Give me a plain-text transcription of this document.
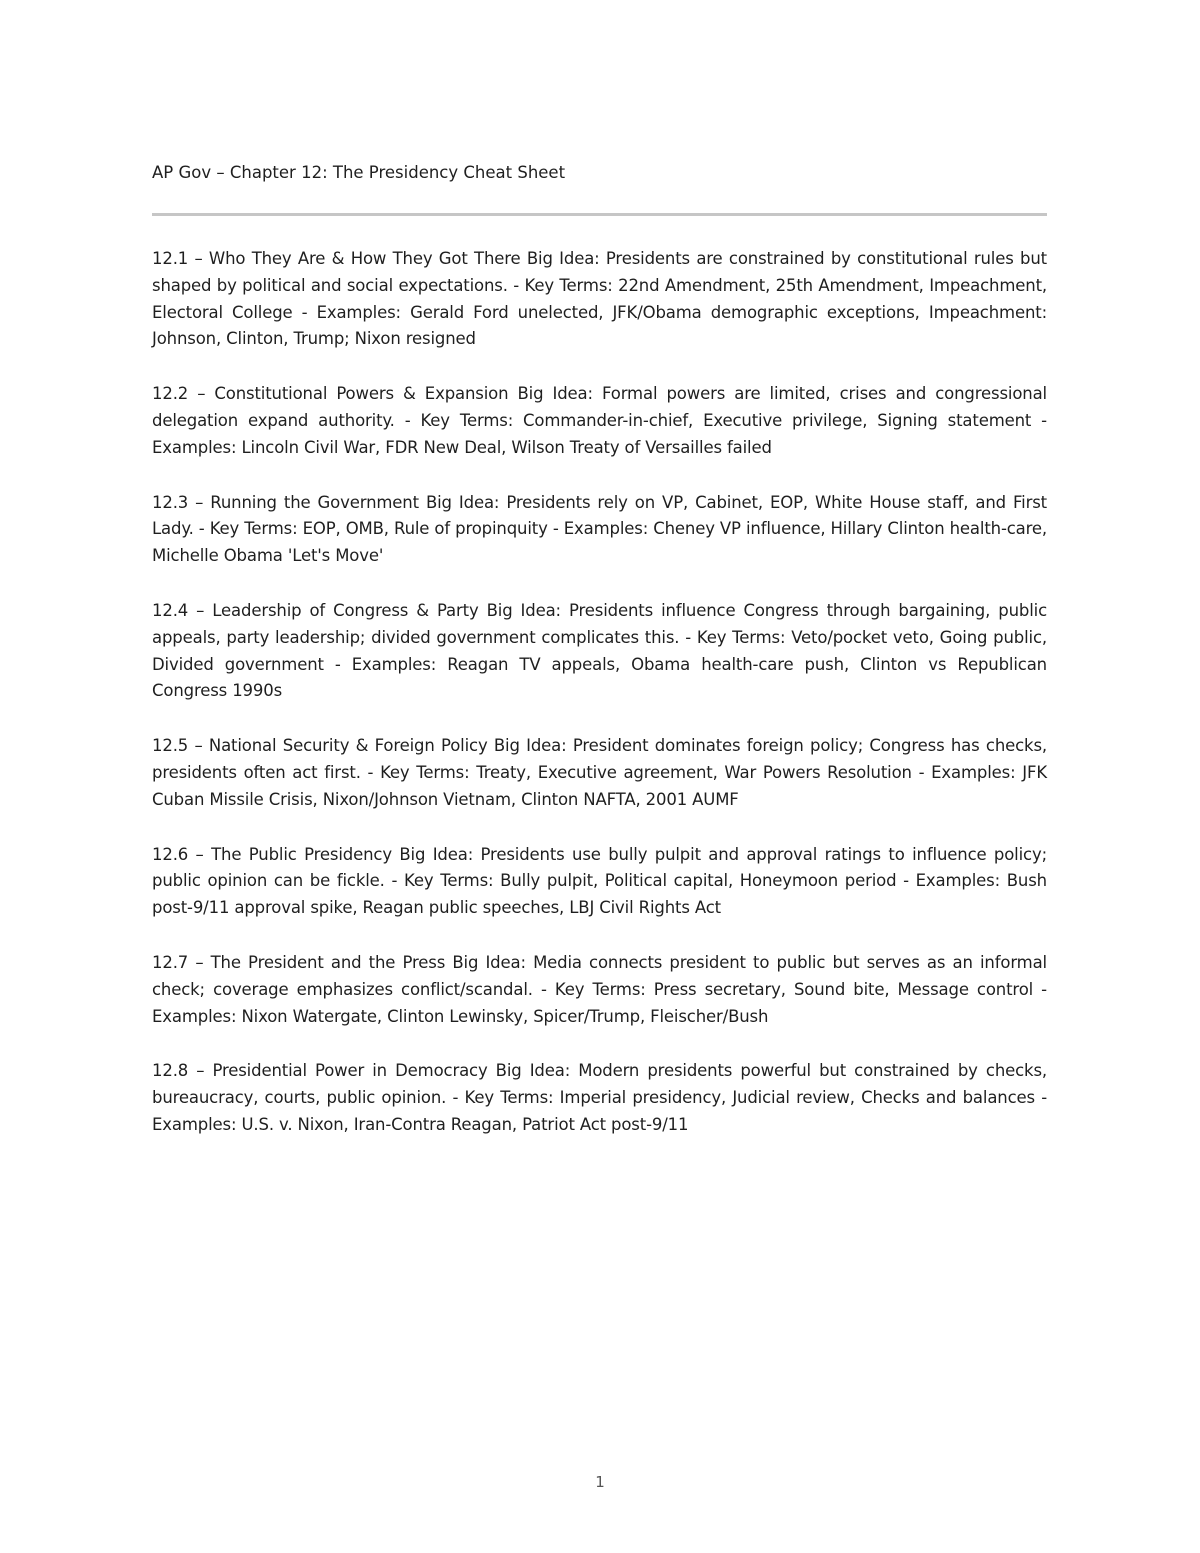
AP Gov – Chapter 12: The Presidency Cheat Sheet

12.1 – Who They Are & How They Got There Big Idea: Presidents are constrained by constitutional rules but shaped by political and social expectations. - Key Terms: 22nd Amendment, 25th Amendment, Impeachment, Electoral College - Examples: Gerald Ford unelected, JFK/Obama demographic exceptions, Impeachment: Johnson, Clinton, Trump; Nixon resigned

12.2 – Constitutional Powers & Expansion Big Idea: Formal powers are limited, crises and congressional delegation expand authority. - Key Terms: Commander-in-chief, Executive privilege, Signing statement - Examples: Lincoln Civil War, FDR New Deal, Wilson Treaty of Versailles failed

12.3 – Running the Government Big Idea: Presidents rely on VP, Cabinet, EOP, White House staff, and First Lady. - Key Terms: EOP, OMB, Rule of propinquity - Examples: Cheney VP influence, Hillary Clinton health-care, Michelle Obama 'Let's Move'

12.4 – Leadership of Congress & Party Big Idea: Presidents influence Congress through bargaining, public appeals, party leadership; divided government complicates this. - Key Terms: Veto/pocket veto, Going public, Divided government - Examples: Reagan TV appeals, Obama health-care push, Clinton vs Republican Congress 1990s

12.5 – National Security & Foreign Policy Big Idea: President dominates foreign policy; Congress has checks, presidents often act first. - Key Terms: Treaty, Executive agreement, War Powers Resolution - Examples: JFK Cuban Missile Crisis, Nixon/Johnson Vietnam, Clinton NAFTA, 2001 AUMF

12.6 – The Public Presidency Big Idea: Presidents use bully pulpit and approval ratings to influence policy; public opinion can be fickle. - Key Terms: Bully pulpit, Political capital, Honeymoon period - Examples: Bush post-9/11 approval spike, Reagan public speeches, LBJ Civil Rights Act

12.7 – The President and the Press Big Idea: Media connects president to public but serves as an informal check; coverage emphasizes conflict/scandal. - Key Terms: Press secretary, Sound bite, Message control - Examples: Nixon Watergate, Clinton Lewinsky, Spicer/Trump, Fleischer/Bush

12.8 – Presidential Power in Democracy Big Idea: Modern presidents powerful but constrained by checks, bureaucracy, courts, public opinion. - Key Terms: Imperial presidency, Judicial review, Checks and balances - Examples: U.S. v. Nixon, Iran-Contra Reagan, Patriot Act post-9/11

1
